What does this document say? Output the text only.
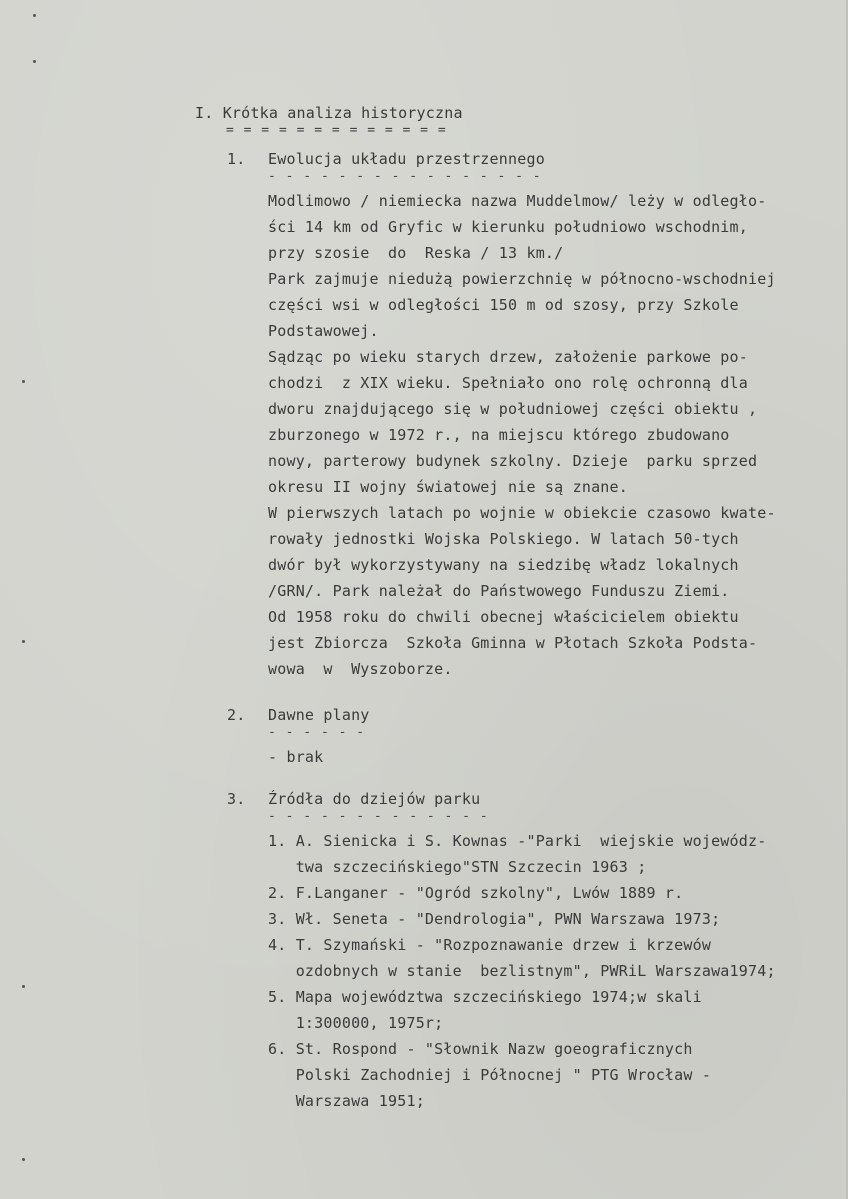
I. Krótka analiza historyczna
= = = = = = = = = = = = =
1. Ewolucja układu przestrzennego
- - - - - - - - - - - - - - - -
Modlimowo / niemiecka nazwa Muddelmow/ leży w odległo-
ści 14 km od Gryfic w kierunku południowo wschodnim,
przy szosie  do  Reska / 13 km./
Park zajmuje niedużą powierzchnię w północno-wschodniej
części wsi w odległości 150 m od szosy, przy Szkole
Podstawowej.
Sądząc po wieku starych drzew, założenie parkowe po-
chodzi  z XIX wieku. Spełniało ono rolę ochronną dla
dworu znajdującego się w południowej części obiektu ,
zburzonego w 1972 r., na miejscu którego zbudowano
nowy, parterowy budynek szkolny. Dzieje  parku sprzed
okresu II wojny światowej nie są znane.
W pierwszych latach po wojnie w obiekcie czasowo kwate-
rowały jednostki Wojska Polskiego. W latach 50-tych
dwór był wykorzystywany na siedzibę władz lokalnych
/GRN/. Park należał do Państwowego Funduszu Ziemi.
Od 1958 roku do chwili obecnej właścicielem obiektu
jest Zbiorcza  Szkoła Gminna w Płotach Szkoła Podsta-
wowa  w  Wyszoborze.
2. Dawne plany
- - - - - -
- brak
3. Źródła do dziejów parku
- - - - - - - - - - - - -
1. A. Sienicka i S. Kownas -"Parki  wiejskie wojewódz-
twa szczecińskiego"STN Szczecin 1963 ;
2. F.Langaner - "Ogród szkolny", Lwów 1889 r.
3. Wł. Seneta - "Dendrologia", PWN Warszawa 1973;
4. T. Szymański - "Rozpoznawanie drzew i krzewów
ozdobnych w stanie  bezlistnym", PWRiL Warszawa1974;
5. Mapa województwa szczecińskiego 1974;w skali
1:300000, 1975r;
6. St. Rospond - "Słownik Nazw goeograficznych
Polski Zachodniej i Północnej " PTG Wrocław -
Warszawa 1951;
